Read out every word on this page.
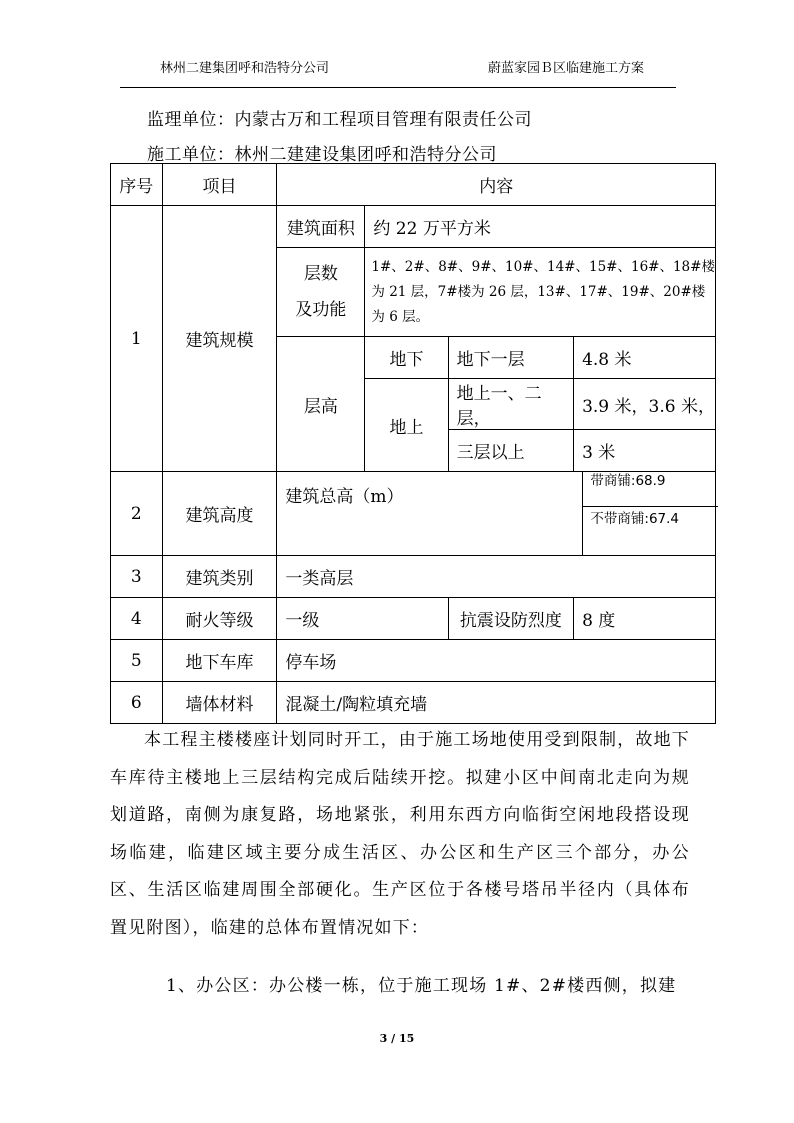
林州二建集团呼和浩特分公司	蔚蓝家园Ｂ区临建施工方案
监理单位：内蒙古万和工程项目管理有限责任公司
施工单位：林州二建建设集团呼和浩特分公司
序号	项目	内容			
1	建筑规模	建筑面积	约 22 万平方米		

		层数
及功能	1#、2#、8#、9#、10#、14#、15#、16#、18#楼为 21 层，7#楼为 26 层，13#、17#、19#、20#楼为 6 层。		
		层高	地下	地下一层	4.8 米
			地上	地上一、二层，	3.9 米，3.6 米，
				三层以上	3 米
2	建筑高度	建筑总高（m）
带商铺:68.9
不带商铺:67.4			

3	建筑类别	一类高层			
4	耐火等级	一级		抗震设防烈度	8 度
5	地下车库	停车场			
6	墙体材料	混凝土/陶粒填充墙			
本工程主楼楼座计划同时开工，由于施工场地使用受到限制，故地下车库待主楼地上三层结构完成后陆续开挖。拟建小区中间南北走向为规划道路，南侧为康复路，场地紧张，利用东西方向临街空闲地段搭设现场临建，临建区域主要分成生活区、办公区和生产区三个部分，办公区、生活区临建周围全部硬化。生产区位于各楼号塔吊半径内（具体布置见附图），临建的总体布置情况如下：
1、办公区：办公楼一栋，位于施工现场 1#、2#楼西侧，拟建
3 / 15
